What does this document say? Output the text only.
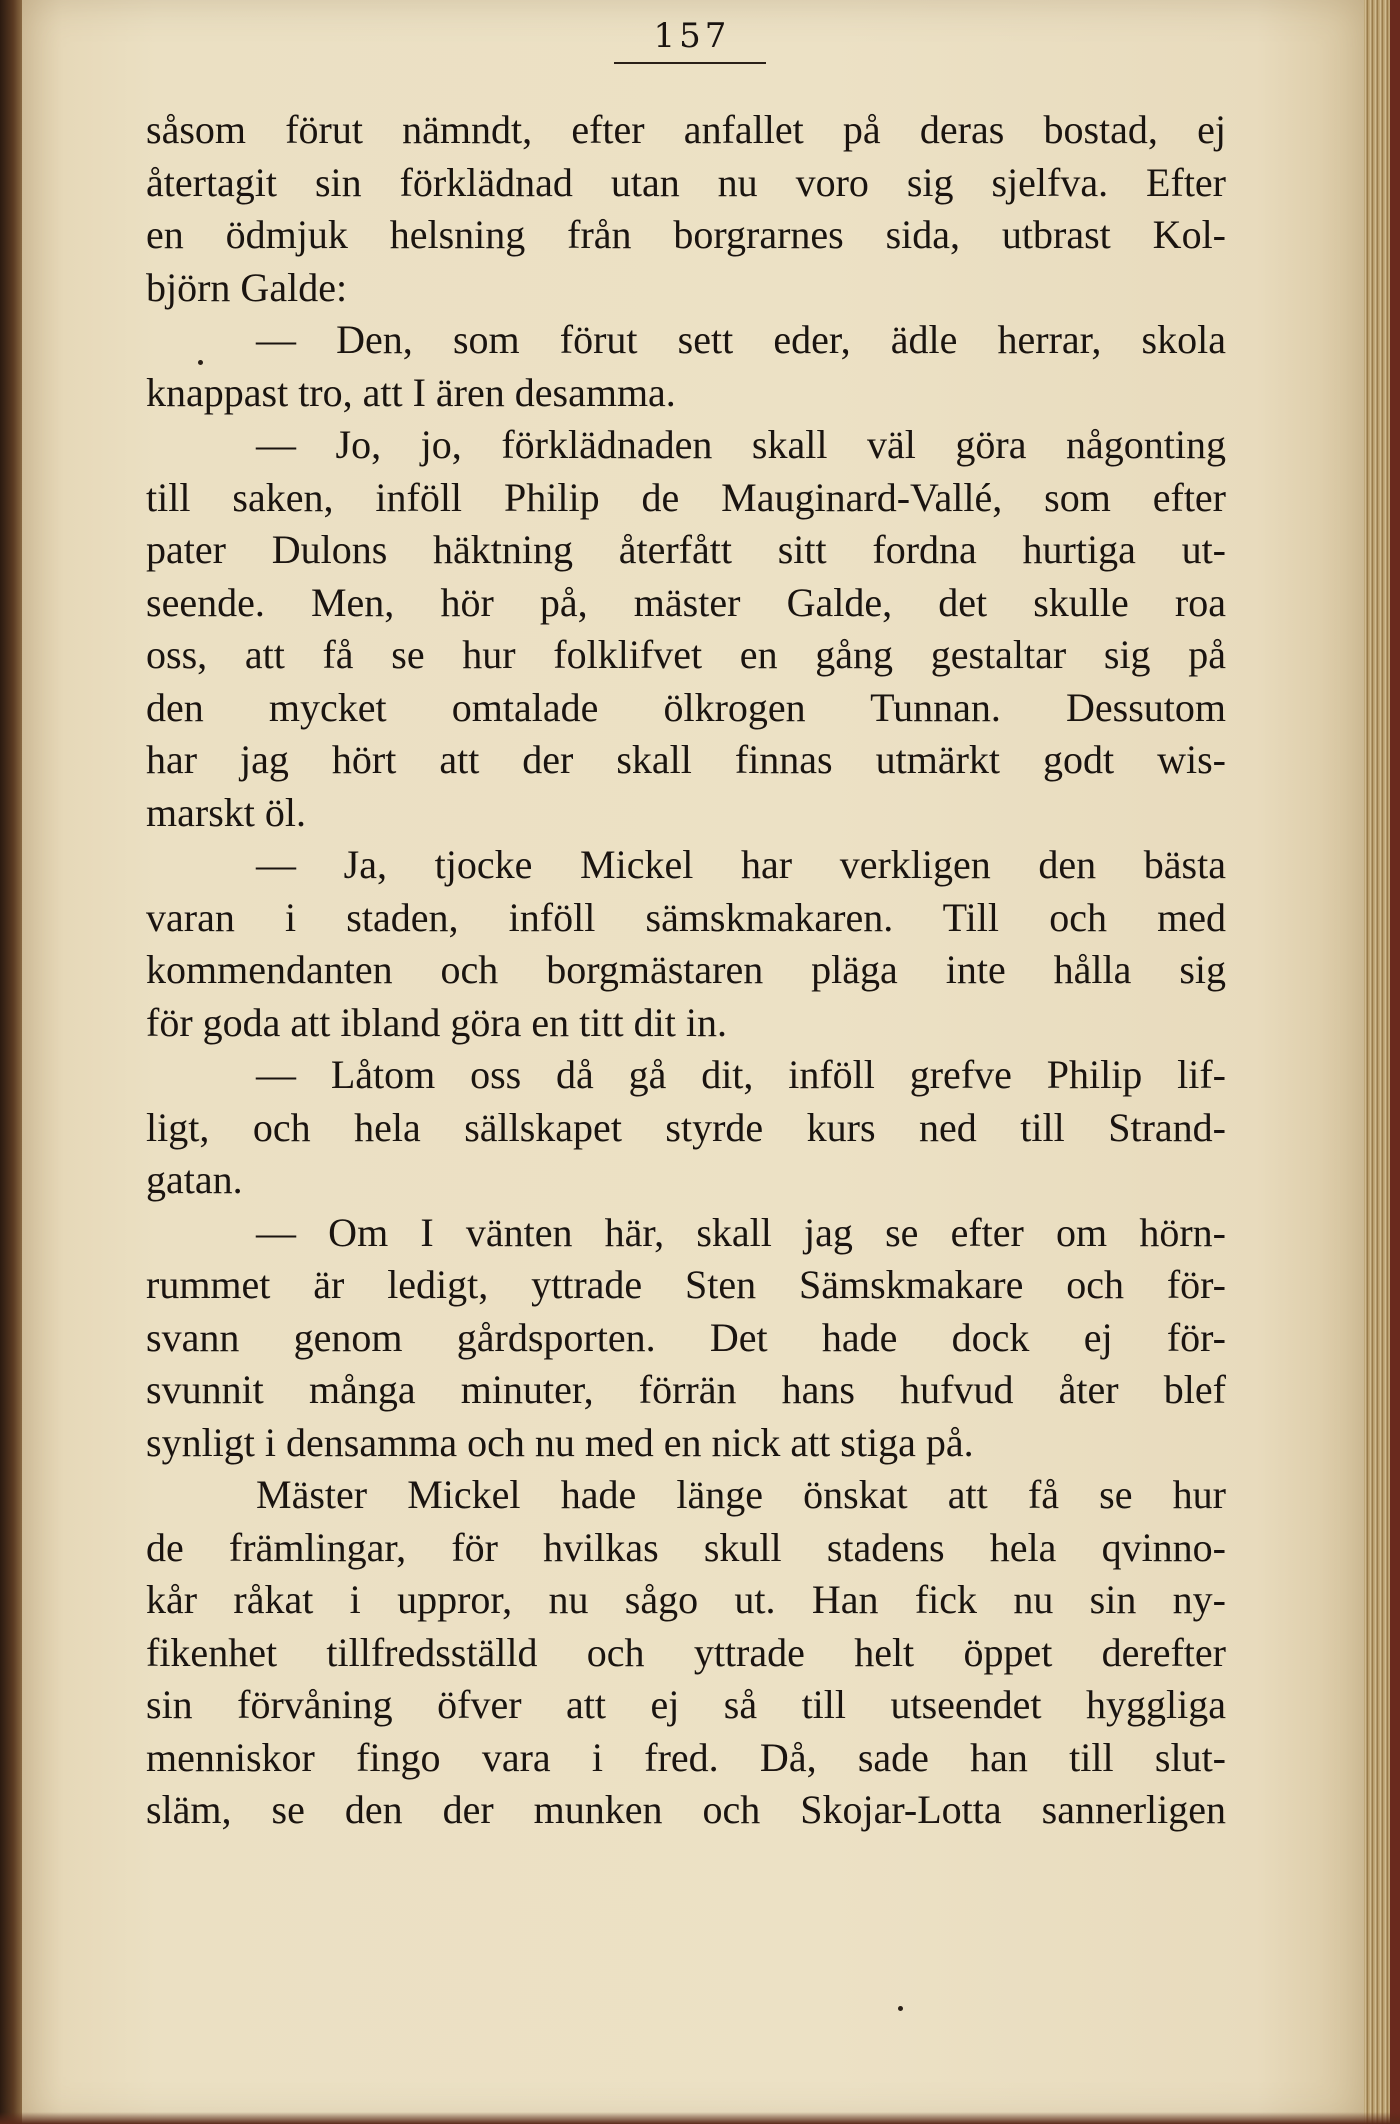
157
såsom förut nämndt, efter anfallet på deras bostad, ej
återtagit sin förklädnad utan nu voro sig sjelfva. Efter
en ödmjuk helsning från borgrarnes sida, utbrast Kol-
björn Galde:
— Den, som förut sett eder, ädle herrar, skola
knappast tro, att I ären desamma.
— Jo, jo, förklädnaden skall väl göra någonting
till saken, inföll Philip de Mauginard-Vallé, som efter
pater Dulons häktning återfått sitt fordna hurtiga ut-
seende. Men, hör på, mäster Galde, det skulle roa
oss, att få se hur folklifvet en gång gestaltar sig på
den mycket omtalade ölkrogen Tunnan. Dessutom
har jag hört att der skall finnas utmärkt godt wis-
marskt öl.
— Ja, tjocke Mickel har verkligen den bästa
varan i staden, inföll sämskmakaren. Till och med
kommendanten och borgmästaren pläga inte hålla sig
för goda att ibland göra en titt dit in.
— Låtom oss då gå dit, inföll grefve Philip lif-
ligt, och hela sällskapet styrde kurs ned till Strand-
gatan.
— Om I vänten här, skall jag se efter om hörn-
rummet är ledigt, yttrade Sten Sämskmakare och för-
svann genom gårdsporten. Det hade dock ej för-
svunnit många minuter, förrän hans hufvud åter blef
synligt i densamma och nu med en nick att stiga på.
Mäster Mickel hade länge önskat att få se hur
de främlingar, för hvilkas skull stadens hela qvinno-
kår råkat i uppror, nu sågo ut. Han fick nu sin ny-
fikenhet tillfredsställd och yttrade helt öppet derefter
sin förvåning öfver att ej så till utseendet hyggliga
menniskor fingo vara i fred. Då, sade han till slut-
släm, se den der munken och Skojar-Lotta sannerligen
